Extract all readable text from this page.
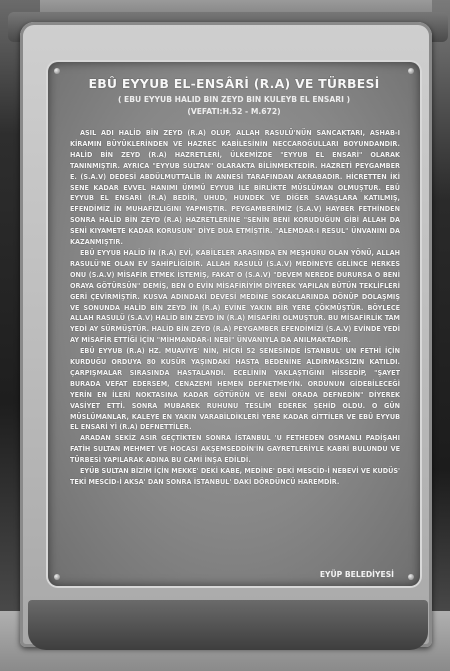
EBÛ EYYUB EL-ENSÂRİ (R.A) VE TÜRBESİ
( EBU EYYUB HALID BIN ZEYD BIN KULEYB EL ENSARI )
(VEFATI:H.52 - M.672)

ASIL ADI HALİD BİN ZEYD (R.A) OLUP, ALLAH RASULÜ'NÜN SANCAKTARI, ASHAB-I KİRAMIN BÜYÜKLERİNDEN VE HAZREC KABİLESİNİN NECCAROĞULLARI BOYUNDANDIR. HALİD BİN ZEYD (R.A) HAZRETLERİ, ÜLKEMİZDE "EYYUB EL ENSARİ" OLARAK TANINMIŞTIR. AYRICA "EYYUB SULTAN" OLARAKTA BİLİNMEKTEDİR. HAZRETİ PEYGAMBER E. (S.A.V) DEDESİ ABDÜLMUTTALİB İN ANNESİ TARAFINDAN AKRABADIR. HİCRETTEN İKİ SENE KADAR EVVEL HANIMI ÜMMÜ EYYUB İLE BİRLİKTE MÜSLÜMAN OLMUŞTUR. EBÛ EYYUB EL ENSARİ (R.A) BEDİR, UHUD, HUNDEK VE DİĞER SAVAŞLARA KATILMIŞ, EFENDİMİZ İN MUHAFIZLIĞINI YAPMIŞTIR. PEYGAMBERİMİZ (S.A.V) HAYBER FETHİNDEN SONRA HALİD BİN ZEYD (R.A) HAZRETLERİNE "SENİN BENİ KORUDUĞUN GİBİ ALLAH DA SENİ KIYAMETE KADAR KORUSUN" DİYE DUA ETMİŞTİR. "ALEMDAR-I RESUL" ÜNVANINI DA KAZANMIŞTIR.

EBÛ EYYUB HALİD İN (R.A) EVİ, KABİLELER ARASINDA EN MEŞHURU OLAN YÖNÜ, ALLAH RASULÜ'NE OLAN EV SAHİPLİĞİDİR. ALLAH RASULÜ (S.A.V) MEDİNEYE GELİNCE HERKES ONU (S.A.V) MİSAFİR ETMEK İSTEMİŞ, FAKAT O (S.A.V) "DEVEM NEREDE DURURSA O BENİ ORAYA GÖTÜRSÜN" DEMİŞ, BEN O EVİN MİSAFİRİYİM DİYEREK YAPILAN BÜTÜN TEKLİFLERİ GERİ ÇEVİRMİŞTİR. KUSVA ADINDAKİ DEVESİ MEDİNE SOKAKLARINDA DÖNÜP DOLAŞMIŞ VE SONUNDA HALİD BİN ZEYD İN (R.A) EVİNE YAKIN BİR YERE ÇÖKMÜŞTÜR. BÖYLECE ALLAH RASULÜ (S.A.V) HALİD BİN ZEYD İN (R.A) MİSAFİRİ OLMUŞTUR. BU MİSAFİRLİK TAM YEDİ AY SÜRMÜŞTÜR. HALİD BİN ZEYD (R.A) PEYGAMBER EFENDİMİZİ (S.A.V) EVİNDE YEDİ AY MİSAFİR ETTİĞİ İÇİN "MİHMANDAR-I NEBİ" ÜNVANIYLA DA ANILMAKTADIR.

EBÛ EYYUB (R.A) HZ. MUAVİYE' NİN, HİCRİ 52 SENESİNDE İSTANBUL' UN FETHİ İÇİN KURDUĞU ORDUYA 80 KUSÜR YAŞINDAKİ HASTA BEDENİNE ALDIRMAKSIZIN KATILDI. ÇARPIŞMALAR SIRASINDA HASTALANDI. ECELİNİN YAKLAŞTIĞINI HİSSEDİP, "ŞAYET BURADA VEFAT EDERSEM, CENAZEMİ HEMEN DEFNETMEYİN. ORDUNUN GİDEBİLECEĞİ YERİN EN İLERİ NOKTASINA KADAR GÖTÜRÜN VE BENİ ORADA DEFNEDİN" DİYEREK VASİYET ETTİ. SONRA MUBAREK RUHUNU TESLİM EDEREK ŞEHİD OLDU. O GÜN MÜSLÜMANLAR, KALEYE EN YAKIN VARABİLDİKLERİ YERE KADAR GİTTİLER VE EBÛ EYYUB EL ENSARİ Yİ (R.A) DEFNETTİLER.

ARADAN SEKİZ ASIR GEÇTİKTEN SONRA İSTANBUL 'U FETHEDEN OSMANLI PADİŞAHI FATİH SULTAN MEHMET VE HOCASI AKŞEMSEDDİN'İN GAYRETLERİYLE KABRİ BULUNDU VE TÜRBESİ YAPILARAK ADINA BU CAMİ İNŞA EDİLDİ.

EYÜB SULTAN BİZİM İÇİN MEKKE' DEKİ KABE, MEDİNE' DEKİ MESCİD-İ NEBEVİ VE KUDÜS' TEKİ MESCİD-İ AKSA' DAN SONRA İSTANBUL' DAKİ DÖRDÜNCÜ HAREMDİR.

EYÜP BELEDİYESİ
